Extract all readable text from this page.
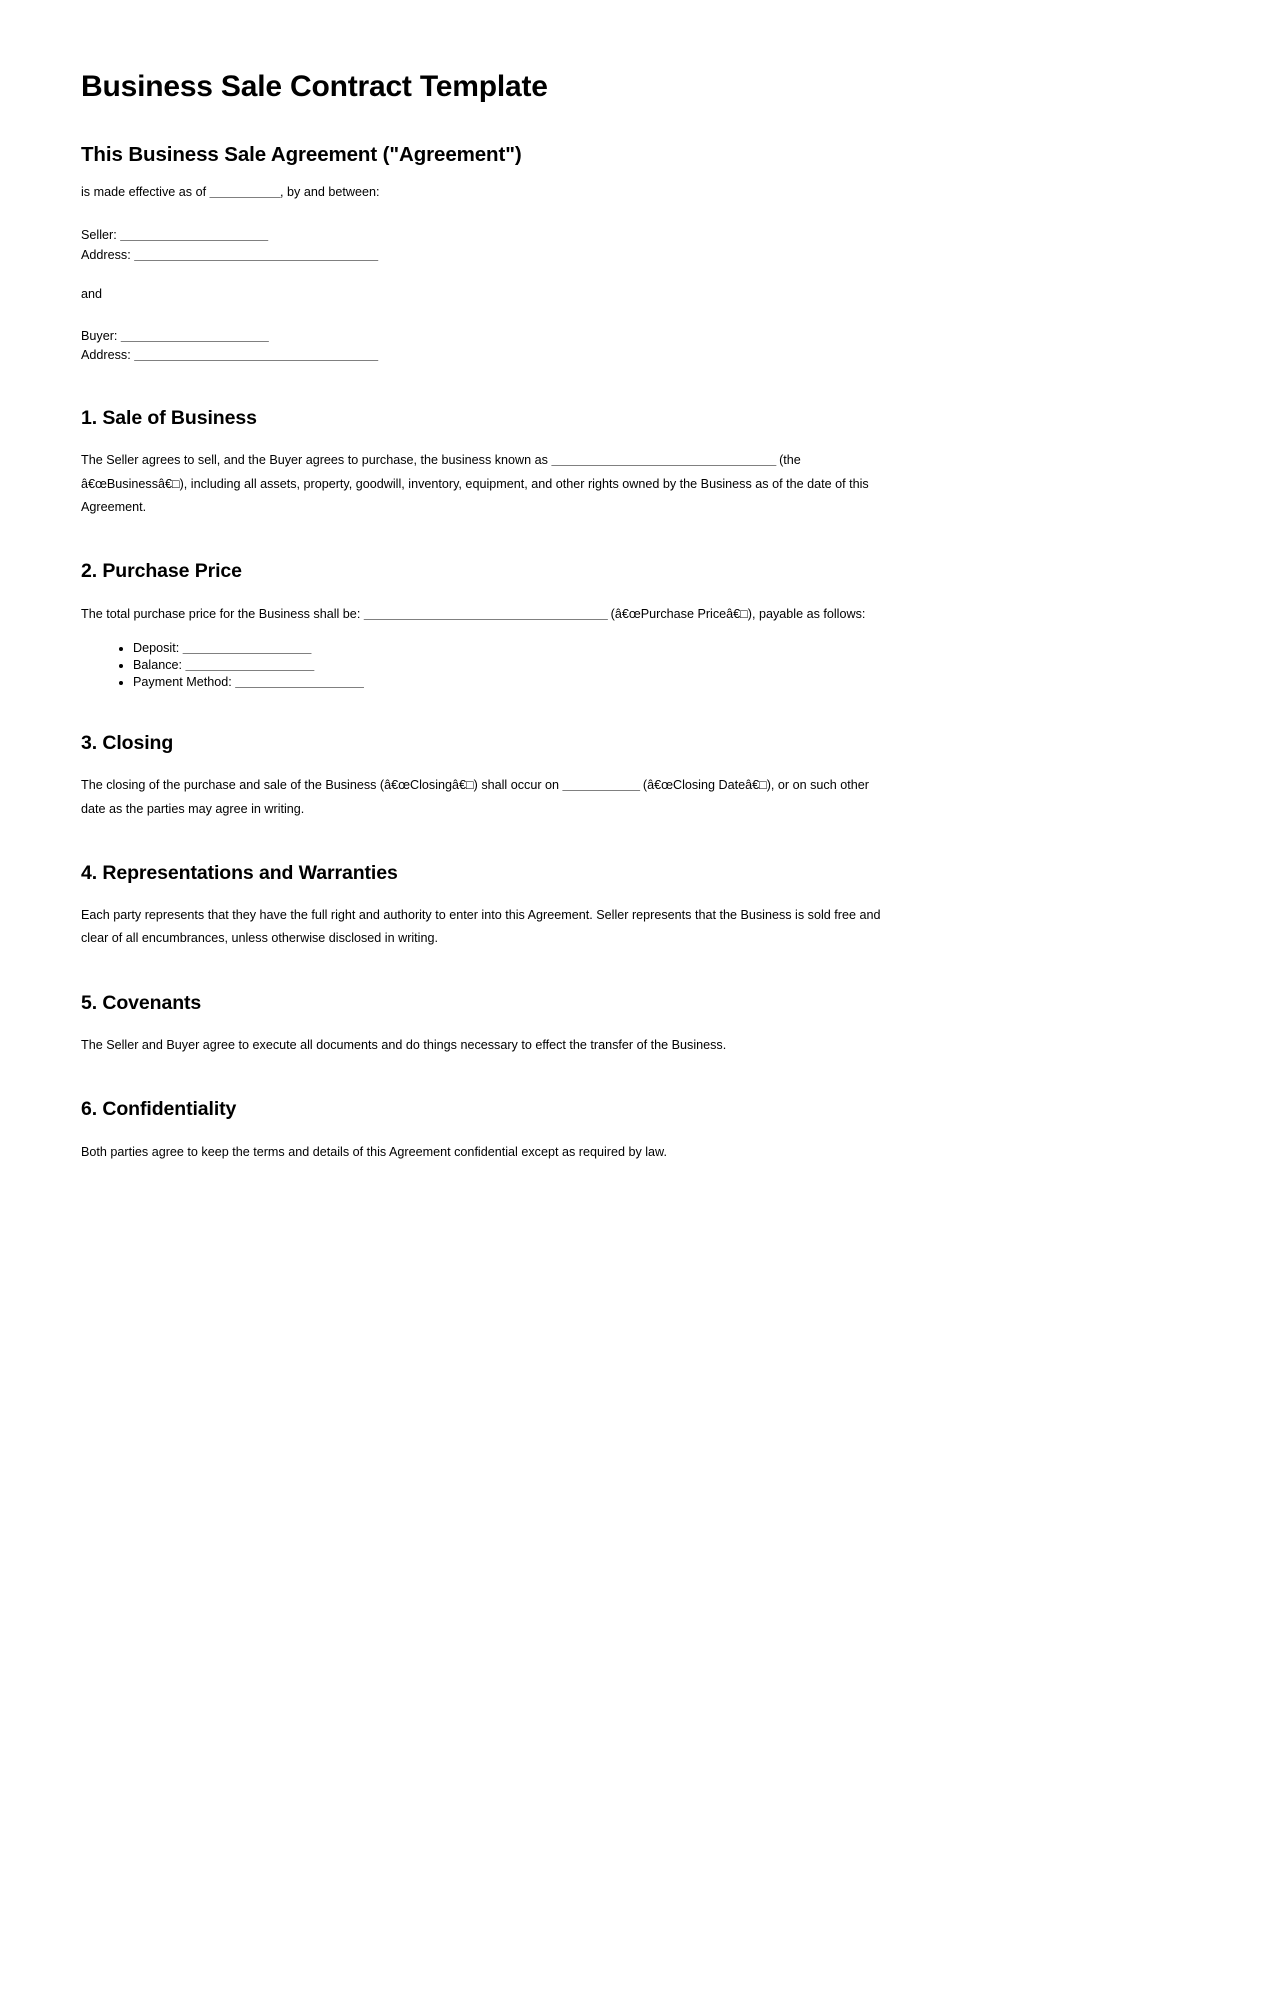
Business Sale Contract Template
This Business Sale Agreement ("Agreement")

is made effective as of ___________, by and between:

Seller: _______________________
Address: ______________________________________
and
Buyer: _______________________
Address: ______________________________________
1. Sale of Business

The Seller agrees to sell, and the Buyer agrees to purchase, the business known as ___________________________________ (the â€œBusinessâ€□), including all assets, property, goodwill, inventory, equipment, and other rights owned by the Business as of the date of this Agreement.

2. Purchase Price

The total purchase price for the Business shall be: ______________________________________ (â€œPurchase Priceâ€□), payable as follows:

• Deposit: ____________________
• Balance: ____________________
• Payment Method: ____________________
3. Closing

The closing of the purchase and sale of the Business (â€œClosingâ€□) shall occur on ____________ (â€œClosing Dateâ€□), or on such other date as the parties may agree in writing.

4. Representations and Warranties

Each party represents that they have the full right and authority to enter into this Agreement. Seller represents that the Business is sold free and clear of all encumbrances, unless otherwise disclosed in writing.

5. Covenants

The Seller and Buyer agree to execute all documents and do things necessary to effect the transfer of the Business.

6. Confidentiality

Both parties agree to keep the terms and details of this Agreement confidential except as required by law.
